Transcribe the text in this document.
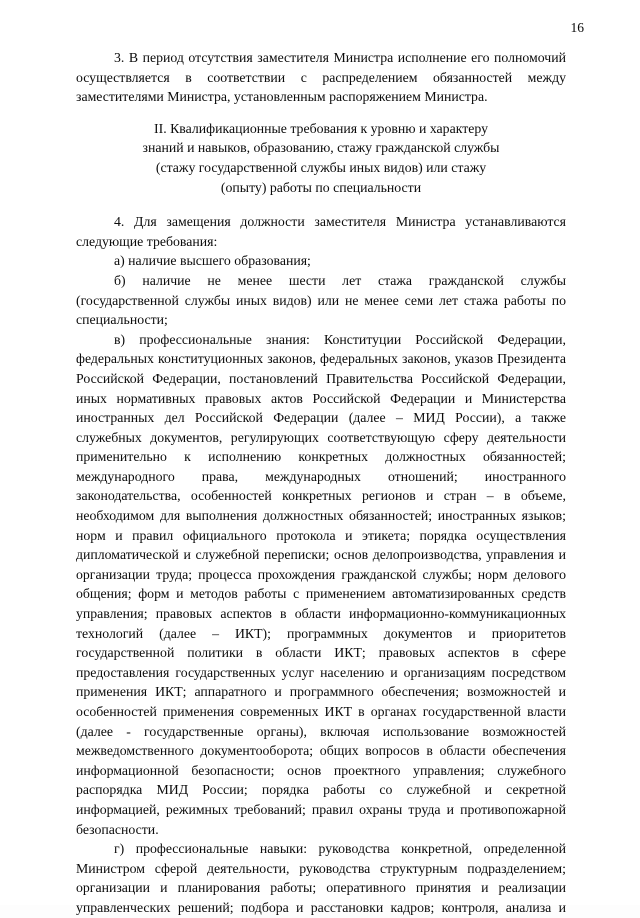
16

3. В период отсутствия заместителя Министра исполнение его полномочий осуществляется в соответствии с распределением обязанностей между заместителями Министра, установленным распоряжением Министра.

II. Квалификационные требования к уровню и характеру
знаний и навыков, образованию, стажу гражданской службы
(стажу государственной службы иных видов) или стажу
(опыту) работы по специальности

4. Для замещения должности заместителя Министра устанавливаются следующие требования:

а) наличие высшего образования;

б) наличие не менее шести лет стажа гражданской службы (государственной службы иных видов) или не менее семи лет стажа работы по специальности;

в) профессиональные знания: Конституции Российской Федерации, федеральных конституционных законов, федеральных законов, указов Президента Российской Федерации, постановлений Правительства Российской Федерации, иных нормативных правовых актов Российской Федерации и Министерства иностранных дел Российской Федерации (далее – МИД России), а также служебных документов, регулирующих соответствующую сферу деятельности применительно к исполнению конкретных должностных обязанностей; международного права, международных отношений; иностранного законодательства, особенностей конкретных регионов и стран – в объеме, необходимом для выполнения должностных обязанностей; иностранных языков; норм и правил официального протокола и этикета; порядка осуществления дипломатической и служебной переписки; основ делопроизводства, управления и организации труда; процесса прохождения гражданской службы; норм делового общения; форм и методов работы с применением автоматизированных средств управления; правовых аспектов в области информационно-коммуникационных технологий (далее – ИКТ); программных документов и приоритетов государственной политики в области ИКТ; правовых аспектов в сфере предоставления государственных услуг населению и организациям посредством применения ИКТ; аппаратного и программного обеспечения; возможностей и особенностей применения современных ИКТ в органах государственной власти (далее - государственные органы), включая использование возможностей межведомственного документооборота; общих вопросов в области обеспечения информационной безопасности; основ проектного управления; служебного распорядка МИД России; порядка работы со служебной и секретной информацией, режимных требований; правил охраны труда и противопожарной безопасности.

г) профессиональные навыки: руководства конкретной, определенной Министром сферой деятельности, руководства структурным подразделением; организации и планирования работы; оперативного принятия и реализации управленческих решений; подбора и расстановки кадров; контроля, анализа и
